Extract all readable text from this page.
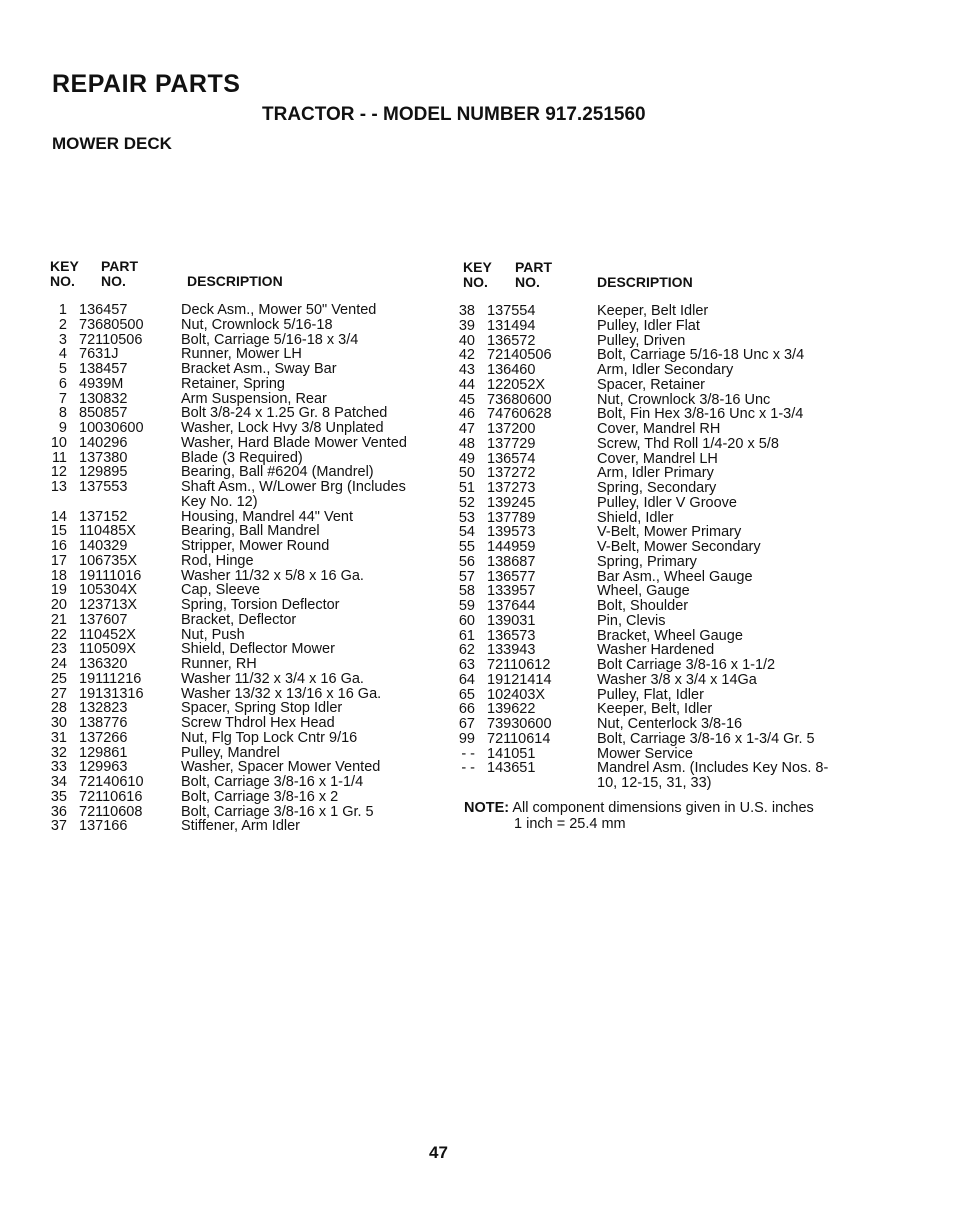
REPAIR PARTS
TRACTOR - - MODEL NUMBER 917.251560
MOWER DECK
KEY
NO.
PART
NO.	DESCRIPTION
KEY
NO.
PART
NO.	DESCRIPTION
1 136457	Deck Asm., Mower 50" Vented
2 73680500	Nut, Crownlock 5/16-18
3 72110506	Bolt, Carriage 5/16-18 x 3/4
4 7631J	Runner, Mower LH
5 138457	Bracket Asm., Sway Bar
6 4939M	Retainer, Spring
7 130832	Arm Suspension, Rear
8 850857	Bolt 3/8-24 x 1.25 Gr. 8 Patched
9 10030600	Washer, Lock Hvy 3/8 Unplated
10 140296	Washer, Hard Blade Mower Vented
11 137380	Blade (3 Required)
12 129895	Bearing, Ball #6204 (Mandrel)
13 137553	Shaft Asm., W/Lower Brg (Includes Key No. 12)
14 137152	Housing, Mandrel 44" Vent
15 110485X	Bearing, Ball Mandrel
16 140329	Stripper, Mower Round
17 106735X	Rod, Hinge
18 19111016	Washer 11/32 x 5/8 x 16 Ga.
19 105304X	Cap, Sleeve
20 123713X	Spring, Torsion Deflector
21 137607	Bracket, Deflector
22 110452X	Nut, Push
23 110509X	Shield, Deflector Mower
24 136320	Runner, RH
25 19111216	Washer 11/32 x 3/4 x 16 Ga.
27 19131316	Washer 13/32 x 13/16 x 16 Ga.
28 132823	Spacer, Spring Stop Idler
30 138776	Screw Thdrol Hex Head
31 137266	Nut, Flg Top Lock Cntr 9/16
32 129861	Pulley, Mandrel
33 129963	Washer, Spacer Mower Vented
34 72140610	Bolt, Carriage 3/8-16 x 1-1/4
35 72110616	Bolt, Carriage 3/8-16 x 2
36 72110608	Bolt, Carriage 3/8-16 x 1 Gr. 5
37 137166	Stiffener, Arm Idler
38 137554	Keeper, Belt Idler
39 131494	Pulley, Idler Flat
40 136572	Pulley, Driven
42 72140506	Bolt, Carriage 5/16-18 Unc x 3/4
43 136460	Arm, Idler Secondary
44 122052X	Spacer, Retainer
45 73680600	Nut, Crownlock 3/8-16 Unc
46 74760628	Bolt, Fin Hex 3/8-16 Unc x 1-3/4
47 137200	Cover, Mandrel RH
48 137729	Screw, Thd Roll 1/4-20 x 5/8
49 136574	Cover, Mandrel LH
50 137272	Arm, Idler Primary
51 137273	Spring, Secondary
52 139245	Pulley, Idler V Groove
53 137789	Shield, Idler
54 139573	V-Belt, Mower Primary
55 144959	V-Belt, Mower Secondary
56 138687	Spring, Primary
57 136577	Bar Asm., Wheel Gauge
58 133957	Wheel, Gauge
59 137644	Bolt, Shoulder
60 139031	Pin, Clevis
61 136573	Bracket, Wheel Gauge
62 133943	Washer Hardened
63 72110612	Bolt Carriage 3/8-16 x 1-1/2
64 19121414	Washer 3/8 x 3/4 x 14Ga
65 102403X	Pulley, Flat, Idler
66 139622	Keeper, Belt, Idler
67 73930600	Nut, Centerlock 3/8-16
99 72110614	Bolt, Carriage 3/8-16 x 1-3/4 Gr. 5
- - 141051	Mower Service
- - 143651	Mandrel Asm. (Includes Key Nos. 8-10, 12-15, 31, 33)
NOTE: All component dimensions given in U.S. inches
1 inch = 25.4 mm
47
